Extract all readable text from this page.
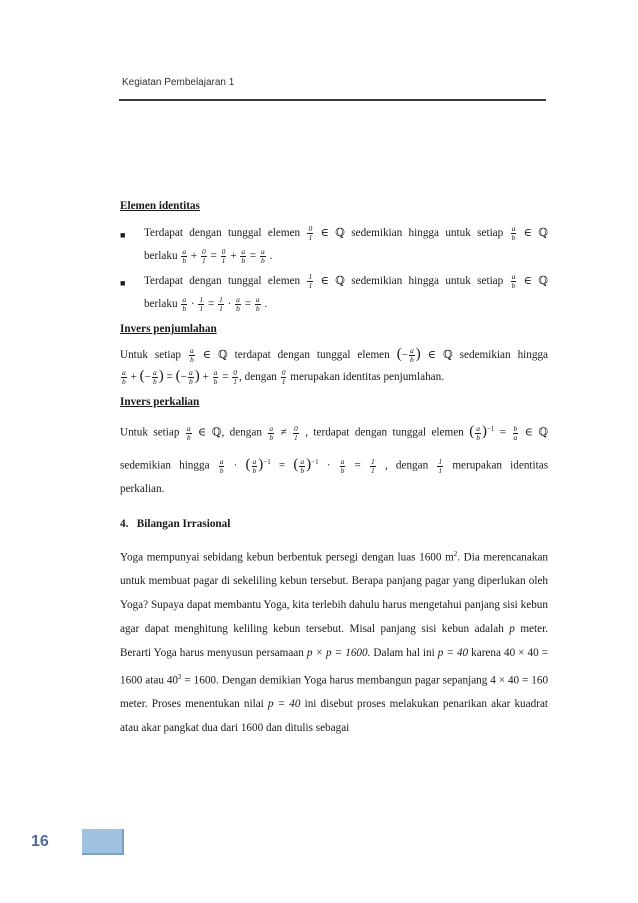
Kegiatan Pembelajaran 1

Elemen identitas

■	Terdapat dengan tunggal elemen $\frac{0}{1}$ ∈ ℚ sedemikian hingga untuk setiap $\frac{a}{b}$ ∈ ℚ
berlaku $\frac{a}{b} + \frac{0}{1} = \frac{0}{1} + \frac{a}{b} = \frac{a}{b}$ .
■	Terdapat dengan tunggal elemen $\frac{1}{1}$ ∈ ℚ sedemikian hingga untuk setiap $\frac{a}{b}$ ∈ ℚ
berlaku $\frac{a}{b} \cdot \frac{1}{1} = \frac{1}{1} \cdot \frac{a}{b} = \frac{a}{b}$ .

Invers penjumlahan

Untuk setiap $\frac{a}{b}$ ∈ ℚ terdapat dengan tunggal elemen (− $\frac{a}{b}$ ) ∈ ℚ sedemikian hingga
$\frac{a}{b}$ + (− $\frac{a}{b}$ ) = (− $\frac{a}{b}$ ) + $\frac{a}{b} = \frac{0}{1}$ , dengan $\frac{0}{1}$ merupakan identitas penjumlahan.

Invers perkalian

Untuk setiap $\frac{a}{b}$ ∈ ℚ, dengan $\frac{a}{b} \ne \frac{0}{1}$ , terdapat dengan tunggal elemen ( $\frac{a}{b} )^{-1} = \frac{b}{a}$ ∈ ℚ
sedemikian hingga $\frac{a}{b}$ · ( $\frac{a}{b} )^{-1}$ = ( $\frac{a}{b} )^{-1} \cdot \frac{a}{b} = \frac{1}{1}$ , dengan $\frac{1}{1}$ merupakan identitas
perkalian.

4. Bilangan Irrasional

Yoga mempunyai sebidang kebun berbentuk persegi dengan luas 1600 $m^2$. Dia merencanakan untuk membuat pagar di sekeliling kebun tersebut. Berapa panjang pagar yang diperlukan oleh Yoga? Supaya dapat membantu Yoga, kita terlebih dahulu harus mengetahui panjang sisi kebun agar dapat menghitung keliling kebun tersebut. Misal panjang sisi kebun adalah p meter. Berarti Yoga harus menyusun persamaan p × p = 1600. Dalam hal ini p = 40 karena 40 × 40 = 1600 atau $40^2 = 1600$. Dengan demikian Yoga harus membangun pagar sepanjang 4 × 40 = 160 meter. Proses menentukan nilai p = 40 ini disebut proses melakukan penarikan akar kuadrat atau akar pangkat dua dari 1600 dan ditulis sebagai

16
